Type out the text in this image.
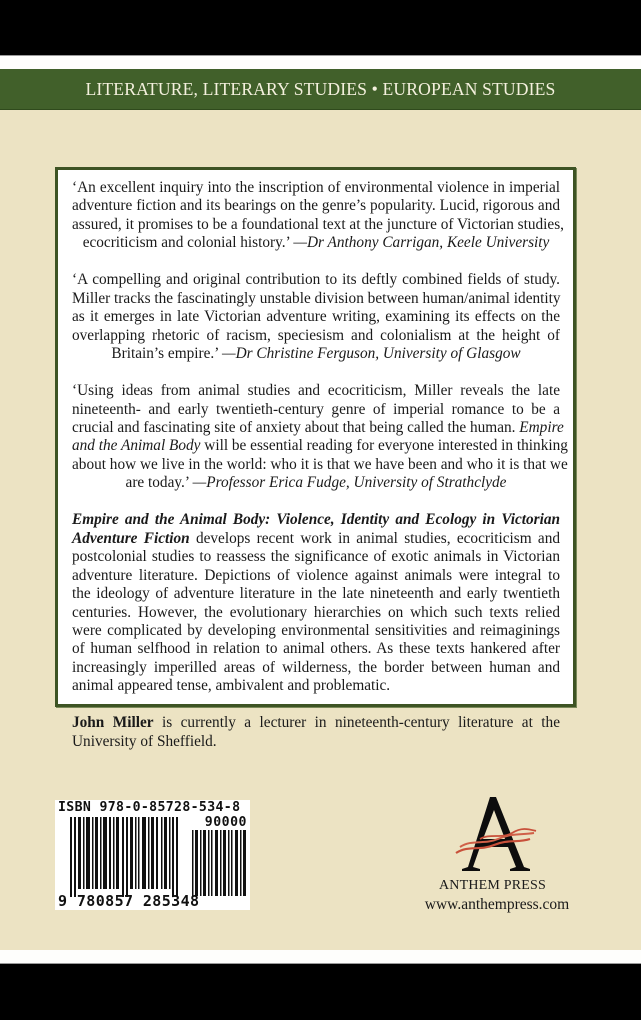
LITERATURE, LITERARY STUDIES • EUROPEAN STUDIES
‘An excellent inquiry into the inscription of environmental violence in imperial
adventure fiction and its bearings on the genre’s popularity. Lucid, rigorous and
assured, it promises to be a foundational text at the juncture of Victorian studies,
ecocriticism and colonial history.’ —Dr Anthony Carrigan, Keele University
‘A compelling and original contribution to its deftly combined fields of study.
Miller tracks the fascinatingly unstable division between human/animal identity
as it emerges in late Victorian adventure writing, examining its effects on the
overlapping rhetoric of racism, speciesism and colonialism at the height of
Britain’s empire.’ —Dr Christine Ferguson, University of Glasgow
‘Using ideas from animal studies and ecocriticism, Miller reveals the late
nineteenth- and early twentieth-century genre of imperial romance to be a
crucial and fascinating site of anxiety about that being called the human. Empire
and the Animal Body will be essential reading for everyone interested in thinking
about how we live in the world: who it is that we have been and who it is that we
are today.’ —Professor Erica Fudge, University of Strathclyde
Empire and the Animal Body: Violence, Identity and Ecology in Victorian
Adventure Fiction develops recent work in animal studies, ecocriticism and
postcolonial studies to reassess the significance of exotic animals in Victorian
adventure literature. Depictions of violence against animals were integral to
the ideology of adventure literature in the late nineteenth and early twentieth
centuries. However, the evolutionary hierarchies on which such texts relied
were complicated by developing environmental sensitivities and reimaginings
of human selfhood in relation to animal others. As these texts hankered after
increasingly imperilled areas of wilderness, the border between human and
animal appeared tense, ambivalent and problematic.
John Miller is currently a lecturer in nineteenth-century literature at the
University of Sheffield.
ISBN 978-0-85728-534-8
90000
9 780857 285348
ANTHEM PRESS
www.anthempress.com
